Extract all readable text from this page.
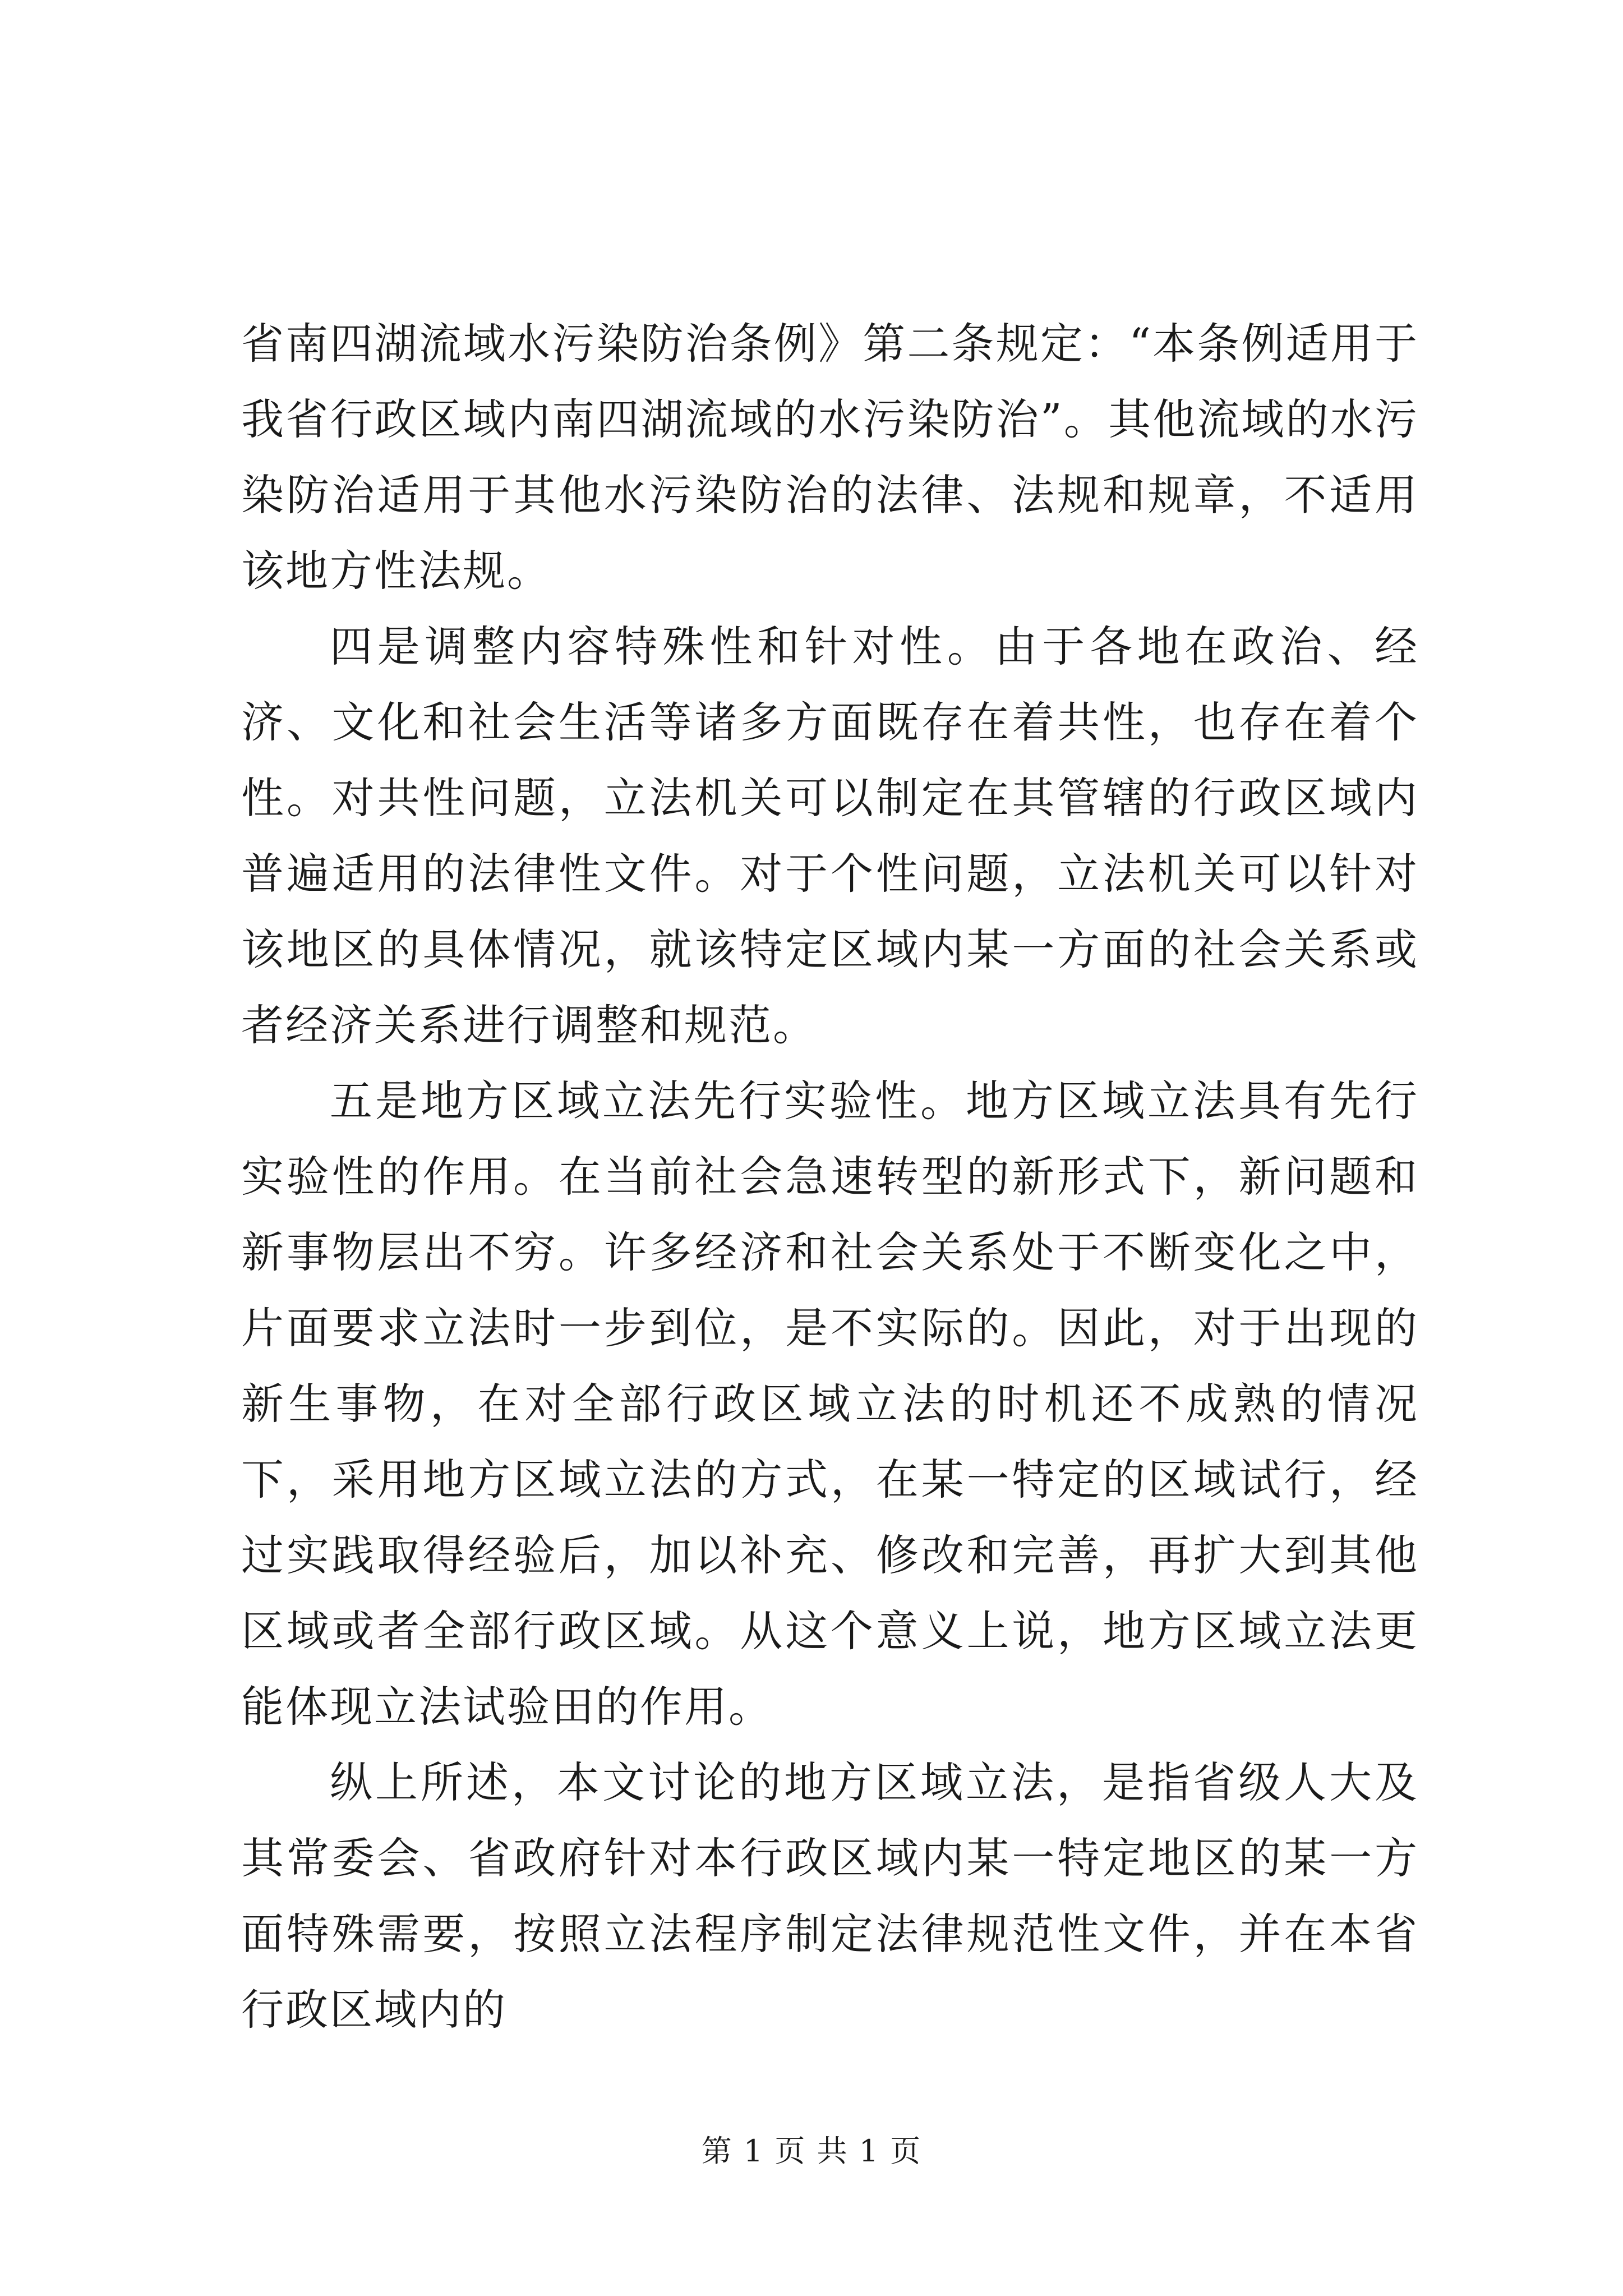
省南四湖流域水污染防治条例》第二条规定：“本条例适用于我省行政区域内南四湖流域的水污染防治”。其他流域的水污染防治适用于其他水污染防治的法律、法规和规章，不适用该地方性法规。

四是调整内容特殊性和针对性。由于各地在政治、经济、文化和社会生活等诸多方面既存在着共性，也存在着个性。对共性问题，立法机关可以制定在其管辖的行政区域内普遍适用的法律性文件。对于个性问题，立法机关可以针对该地区的具体情况，就该特定区域内某一方面的社会关系或者经济关系进行调整和规范。

五是地方区域立法先行实验性。地方区域立法具有先行实验性的作用。在当前社会急速转型的新形式下，新问题和新事物层出不穷。许多经济和社会关系处于不断变化之中，片面要求立法时一步到位，是不实际的。因此，对于出现的新生事物，在对全部行政区域立法的时机还不成熟的情况下，采用地方区域立法的方式，在某一特定的区域试行，经过实践取得经验后，加以补充、修改和完善，再扩大到其他区域或者全部行政区域。从这个意义上说，地方区域立法更能体现立法试验田的作用。

纵上所述，本文讨论的地方区域立法，是指省级人大及其常委会、省政府针对本行政区域内某一特定地区的某一方面特殊需要，按照立法程序制定法律规范性文件，并在本省行政区域内的

第 1 页 共 1 页
